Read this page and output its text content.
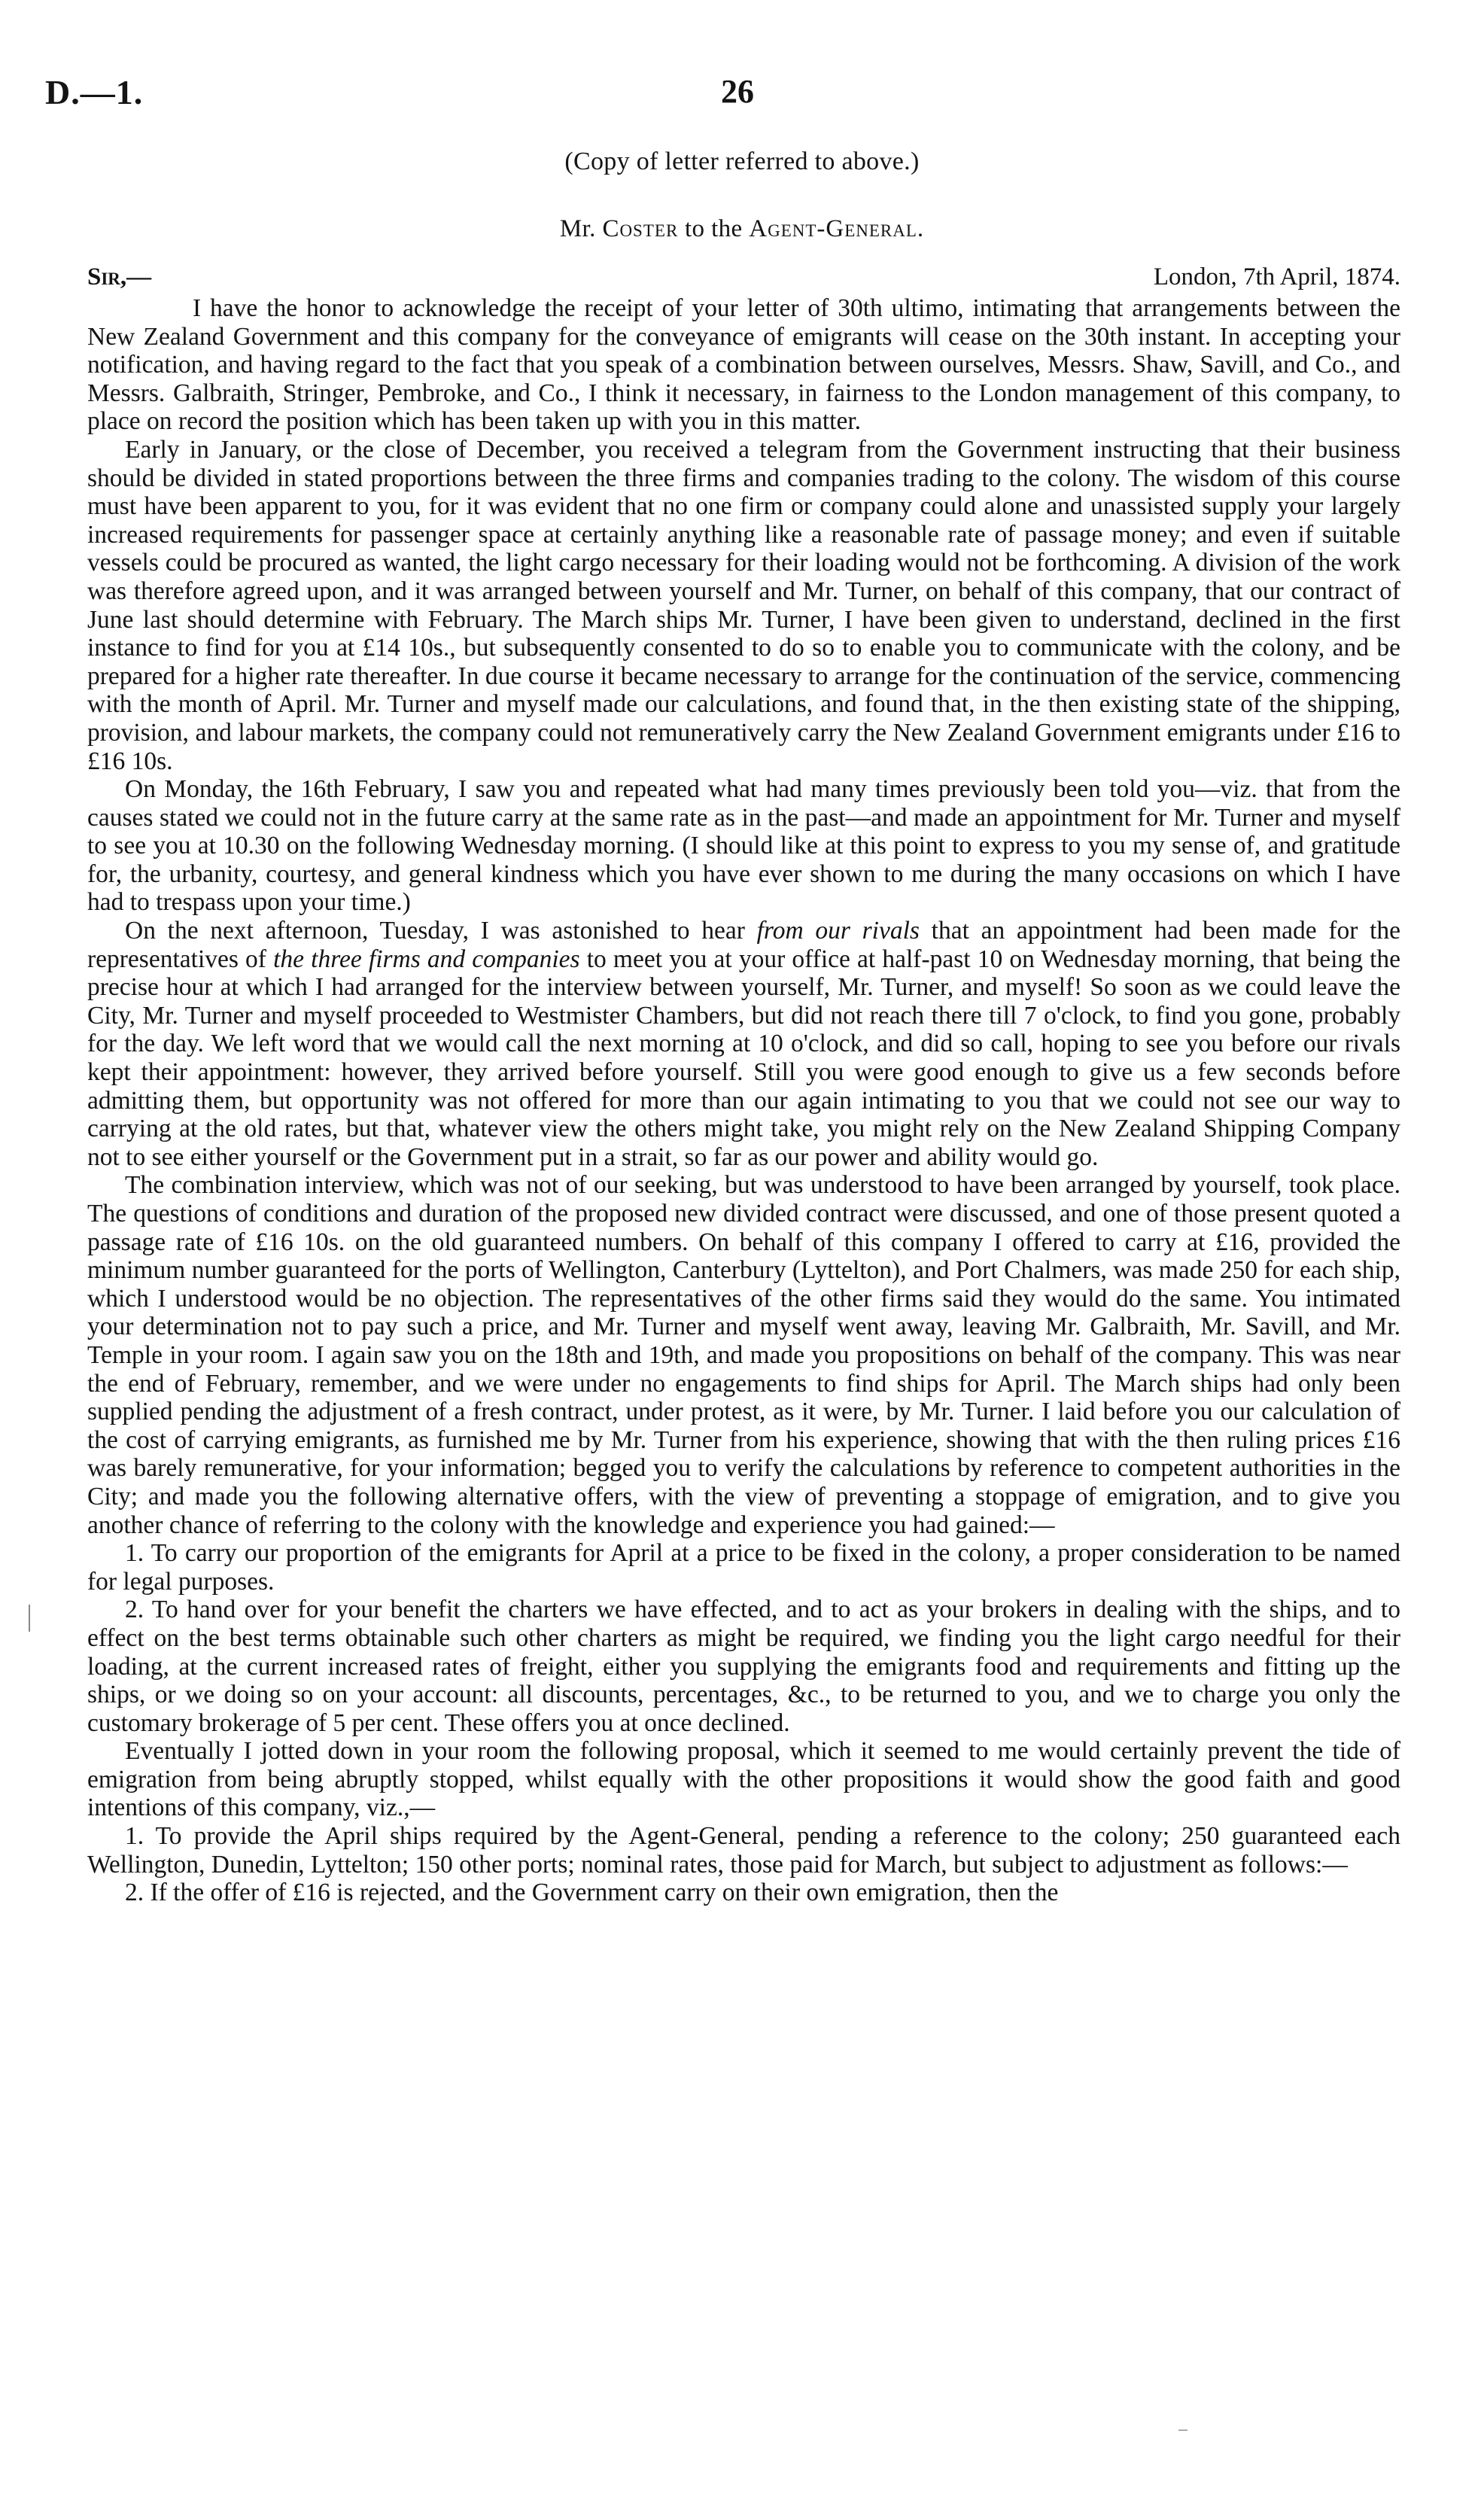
D.—1.	26
(Copy of letter referred to above.)
Mr. Coster to the Agent-General.
Sir,—	London, 7th April, 1874.

I have the honor to acknowledge the receipt of your letter of 30th ultimo, intimating that arrangements between the New Zealand Government and this company for the conveyance of emigrants will cease on the 30th instant. In accepting your notification, and having regard to the fact that you speak of a combination between ourselves, Messrs. Shaw, Savill, and Co., and Messrs. Galbraith, Stringer, Pembroke, and Co., I think it necessary, in fairness to the London management of this company, to place on record the position which has been taken up with you in this matter.

Early in January, or the close of December, you received a telegram from the Government instructing that their business should be divided in stated proportions between the three firms and companies trading to the colony. The wisdom of this course must have been apparent to you, for it was evident that no one firm or company could alone and unassisted supply your largely increased requirements for passenger space at certainly anything like a reasonable rate of passage money; and even if suitable vessels could be procured as wanted, the light cargo necessary for their loading would not be forthcoming. A division of the work was therefore agreed upon, and it was arranged between yourself and Mr. Turner, on behalf of this company, that our contract of June last should determine with February. The March ships Mr. Turner, I have been given to understand, declined in the first instance to find for you at £14 10s., but subsequently consented to do so to enable you to communicate with the colony, and be prepared for a higher rate thereafter. In due course it became necessary to arrange for the continuation of the service, commencing with the month of April. Mr. Turner and myself made our calculations, and found that, in the then existing state of the shipping, provision, and labour markets, the company could not remuneratively carry the New Zealand Government emigrants under £16 to £16 10s.

On Monday, the 16th February, I saw you and repeated what had many times previously been told you—viz. that from the causes stated we could not in the future carry at the same rate as in the past—and made an appointment for Mr. Turner and myself to see you at 10.30 on the following Wednesday morning. (I should like at this point to express to you my sense of, and gratitude for, the urbanity, courtesy, and general kindness which you have ever shown to me during the many occasions on which I have had to trespass upon your time.)

On the next afternoon, Tuesday, I was astonished to hear from our rivals that an appointment had been made for the representatives of the three firms and companies to meet you at your office at half-past 10 on Wednesday morning, that being the precise hour at which I had arranged for the interview between yourself, Mr. Turner, and myself! So soon as we could leave the City, Mr. Turner and myself proceeded to Westmister Chambers, but did not reach there till 7 o'clock, to find you gone, probably for the day. We left word that we would call the next morning at 10 o'clock, and did so call, hoping to see you before our rivals kept their appointment: however, they arrived before yourself. Still you were good enough to give us a few seconds before admitting them, but opportunity was not offered for more than our again intimating to you that we could not see our way to carrying at the old rates, but that, whatever view the others might take, you might rely on the New Zealand Shipping Company not to see either yourself or the Government put in a strait, so far as our power and ability would go.

The combination interview, which was not of our seeking, but was understood to have been arranged by yourself, took place. The questions of conditions and duration of the proposed new divided contract were discussed, and one of those present quoted a passage rate of £16 10s. on the old guaranteed numbers. On behalf of this company I offered to carry at £16, provided the minimum number guaranteed for the ports of Wellington, Canterbury (Lyttelton), and Port Chalmers, was made 250 for each ship, which I understood would be no objection. The representatives of the other firms said they would do the same. You intimated your determination not to pay such a price, and Mr. Turner and myself went away, leaving Mr. Galbraith, Mr. Savill, and Mr. Temple in your room. I again saw you on the 18th and 19th, and made you propositions on behalf of the company. This was near the end of February, remember, and we were under no engagements to find ships for April. The March ships had only been supplied pending the adjustment of a fresh contract, under protest, as it were, by Mr. Turner. I laid before you our calculation of the cost of carrying emigrants, as furnished me by Mr. Turner from his experience, showing that with the then ruling prices £16 was barely remunerative, for your information; begged you to verify the calculations by reference to competent authorities in the City; and made you the following alternative offers, with the view of preventing a stoppage of emigration, and to give you another chance of referring to the colony with the knowledge and experience you had gained:—

1. To carry our proportion of the emigrants for April at a price to be fixed in the colony, a proper consideration to be named for legal purposes.

2. To hand over for your benefit the charters we have effected, and to act as your brokers in dealing with the ships, and to effect on the best terms obtainable such other charters as might be required, we finding you the light cargo needful for their loading, at the current increased rates of freight, either you supplying the emigrants food and requirements and fitting up the ships, or we doing so on your account: all discounts, percentages, &c., to be returned to you, and we to charge you only the customary brokerage of 5 per cent. These offers you at once declined.

Eventually I jotted down in your room the following proposal, which it seemed to me would certainly prevent the tide of emigration from being abruptly stopped, whilst equally with the other propositions it would show the good faith and good intentions of this company, viz.,—

1. To provide the April ships required by the Agent-General, pending a reference to the colony; 250 guaranteed each Wellington, Dunedin, Lyttelton; 150 other ports; nominal rates, those paid for March, but subject to adjustment as follows:—

2. If the offer of £16 is rejected, and the Government carry on their own emigration, then the
